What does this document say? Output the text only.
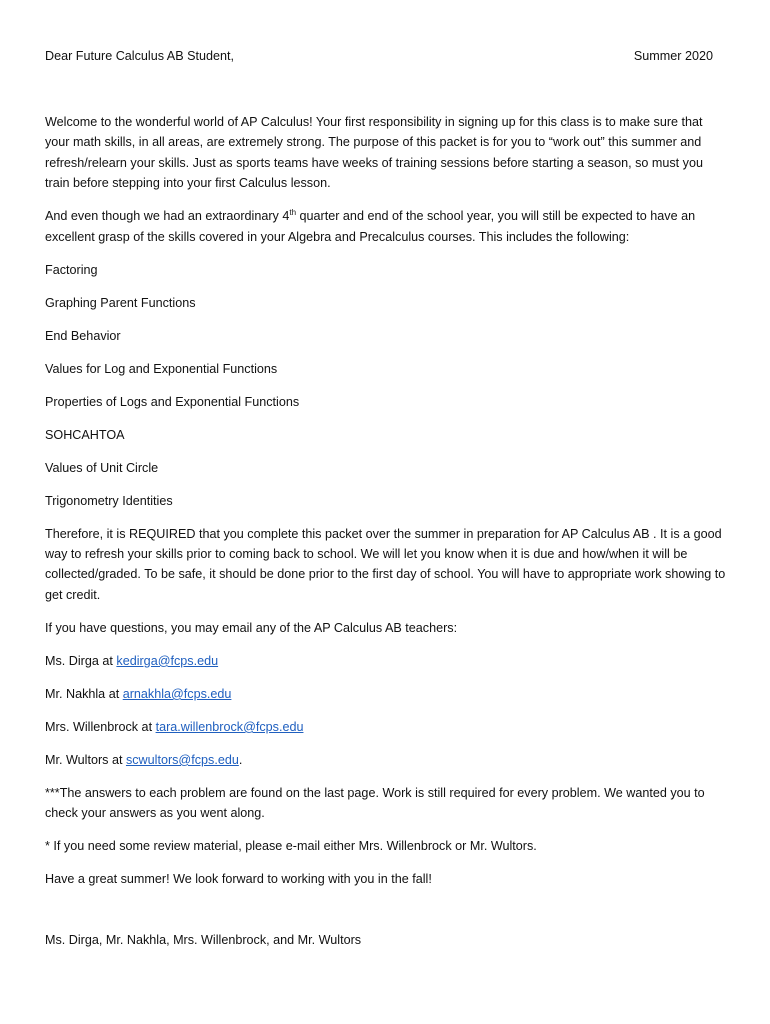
Dear Future Calculus AB Student,	Summer 2020

Welcome to the wonderful world of AP Calculus! Your first responsibility in signing up for this class is to make sure that your math skills, in all areas, are extremely strong. The purpose of this packet is for you to “work out” this summer and refresh/relearn your skills. Just as sports teams have weeks of training sessions before starting a season, so must you train before stepping into your first Calculus lesson.

And even though we had an extraordinary 4th quarter and end of the school year, you will still be expected to have an excellent grasp of the skills covered in your Algebra and Precalculus courses. This includes the following:

Factoring

Graphing Parent Functions

End Behavior

Values for Log and Exponential Functions

Properties of Logs and Exponential Functions

SOHCAHTOA

Values of Unit Circle

Trigonometry Identities

Therefore, it is REQUIRED that you complete this packet over the summer in preparation for AP Calculus AB . It is a good way to refresh your skills prior to coming back to school. We will let you know when it is due and how/when it will be collected/graded. To be safe, it should be done prior to the first day of school. You will have to appropriate work showing to get credit.

If you have questions, you may email any of the AP Calculus AB teachers:

Ms. Dirga at kedirga@fcps.edu

Mr. Nakhla at arnakhla@fcps.edu

Mrs. Willenbrock at tara.willenbrock@fcps.edu

Mr. Wultors at scwultors@fcps.edu.

***The answers to each problem are found on the last page. Work is still required for every problem. We wanted you to check your answers as you went along.

* If you need some review material, please e-mail either Mrs. Willenbrock or Mr. Wultors.

Have a great summer! We look forward to working with you in the fall!

Ms. Dirga, Mr. Nakhla, Mrs. Willenbrock, and Mr. Wultors
